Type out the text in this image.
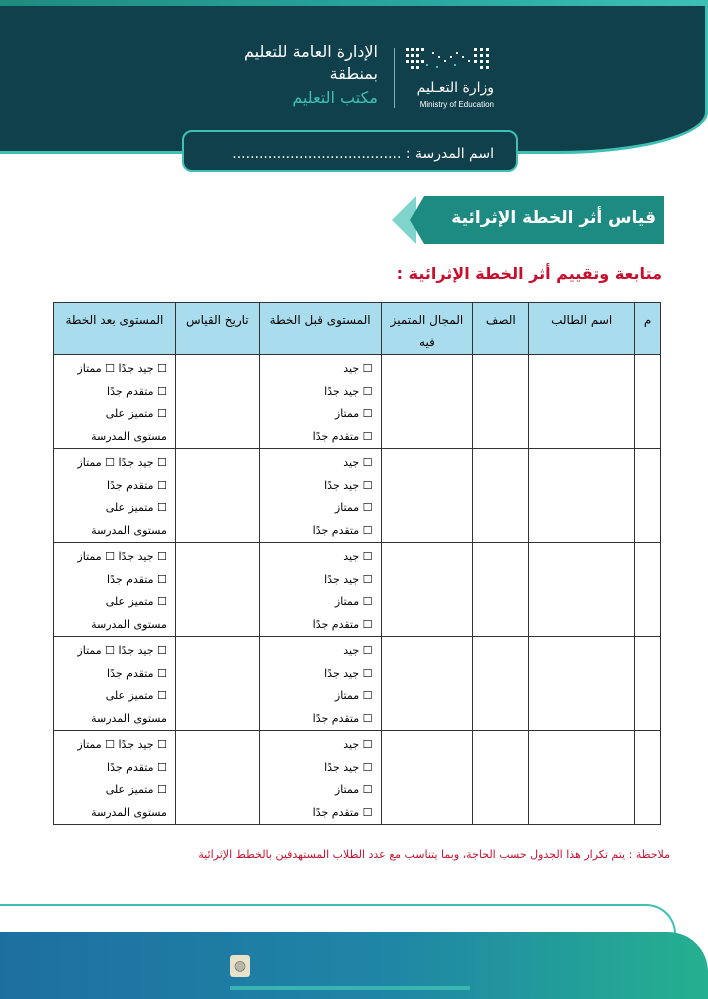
وزارة التعـليم
Ministry of Education
الإدارة العامة للتعليم
بمنطقة
مكتب التعليم
اسم المدرسة : ......................................
قياس أثر الخطة الإثرائية
متابعة وتقييم أثر الخطة الإثرائية :
م	اسم الطالب	الصف	المجال المتميز فيه	المستوى قبل الخطة	تاريخ القياس	المستوى بعد الخطة

				☐ جيد
☐ جيد جدًا
☐ ممتاز
☐ متقدم جدًا		☐ جيد جدًا ☐ ممتاز
☐ متقدم جدًا
☐ متميز على
مستوى المدرسة

				☐ جيد
☐ جيد جدًا
☐ ممتاز
☐ متقدم جدًا		☐ جيد جدًا ☐ ممتاز
☐ متقدم جدًا
☐ متميز على
مستوى المدرسة

				☐ جيد
☐ جيد جدًا
☐ ممتاز
☐ متقدم جدًا		☐ جيد جدًا ☐ ممتاز
☐ متقدم جدًا
☐ متميز على
مستوى المدرسة

				☐ جيد
☐ جيد جدًا
☐ ممتاز
☐ متقدم جدًا		☐ جيد جدًا ☐ ممتاز
☐ متقدم جدًا
☐ متميز على
مستوى المدرسة

				☐ جيد
☐ جيد جدًا
☐ ممتاز
☐ متقدم جدًا		☐ جيد جدًا ☐ ممتاز
☐ متقدم جدًا
☐ متميز على
مستوى المدرسة
ملاحظة : يتم تكرار هذا الجدول حسب الحاجة، وبما يتناسب مع عدد الطلاب المستهدفين بالخطط الإثرائية
◍
